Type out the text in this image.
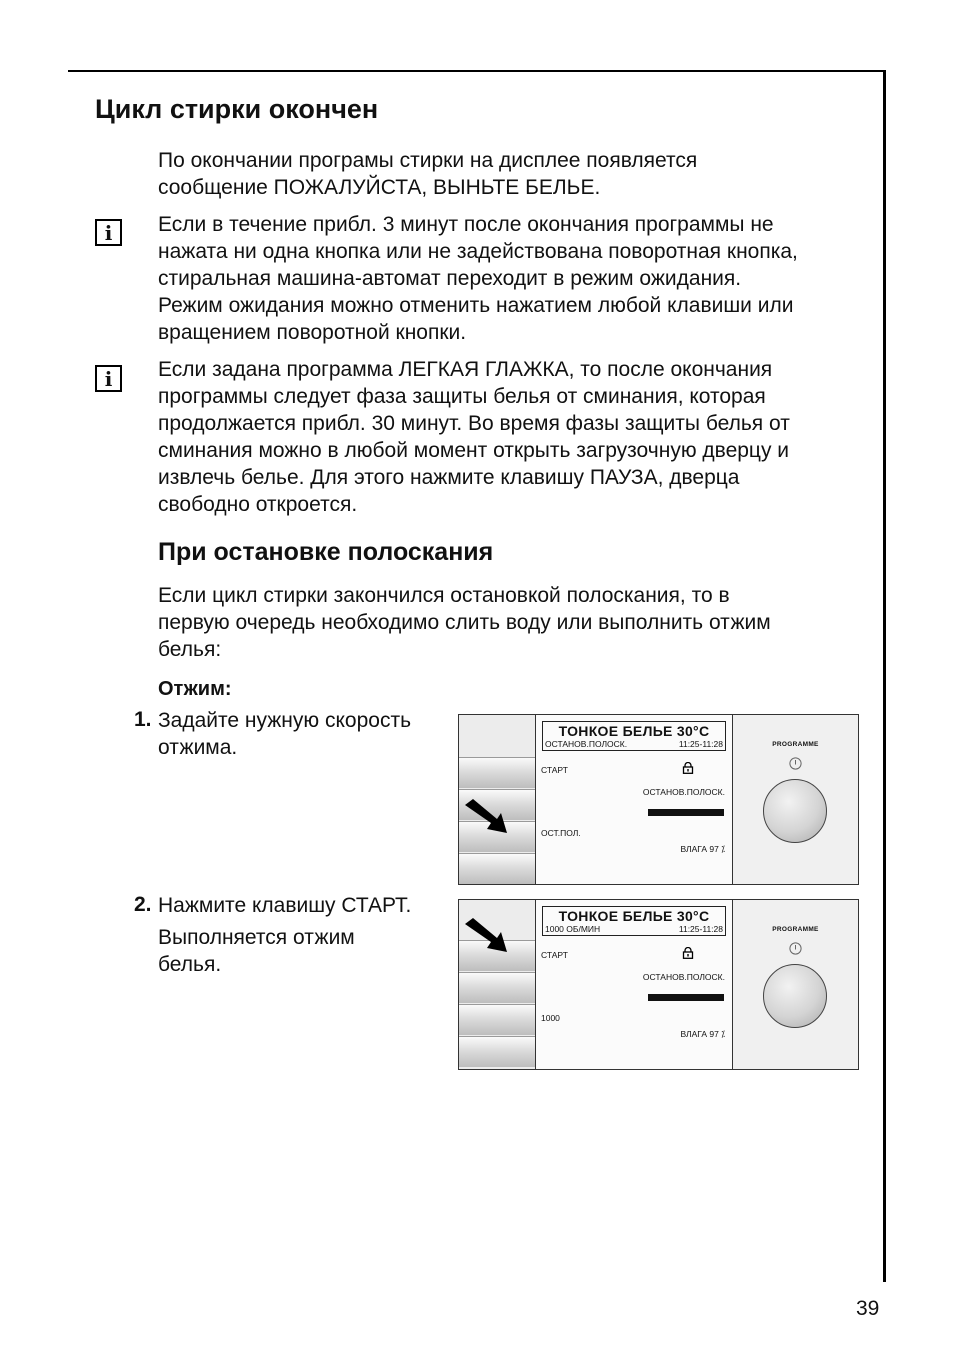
Цикл стирки окончен

По окончании програмы стирки на дисплее появляется
сообщение ПОЖАЛУЙСТА, ВЫНЬТЕ БЕЛЬЕ.

i	Если в течение прибл. 3 минут после окончания программы не
нажата ни одна кнопка или не задействована поворотная кнопка,
стиральная машина-автомат переходит в режим ожидания.
Режим ожидания можно отменить нажатием любой клавиши или
вращением поворотной кнопки.

i	Если задана программа ЛЕГКАЯ ГЛАЖКА, то после окончания
программы следует фаза защиты белья от сминания, которая
продолжается прибл. 30 минут. Во время фазы защиты белья от
сминания можно в любой момент открыть загрузочную дверцу и
извлечь белье. Для этого нажмите клавишу ПАУЗА, дверца
свободно откроется.

При остановке полоскания

Если цикл стирки закончился остановкой полоскания, то в
первую очередь необходимо слить воду или выполнить отжим
белья:

Отжим:
1. Задайте нужную скорость
отжима.

2. Нажмите клавишу СТАРТ.

Выполняется отжим
белья.

ТОНКОЕ БЕЛЬЕ 30°C
ОСТАНОВ.ПОЛОСК.	11:25-11:28
СТАРТ
ОСТАНОВ.ПОЛОСК.
ОСТ.ПОЛ.
ВЛАГА 97 ⁒
PROGRAMME
ТОНКОЕ БЕЛЬЕ 30°C
1000 ОБ/МИН	11:25-11:28
СТАРТ
ОСТАНОВ.ПОЛОСК.
1000
ВЛАГА 97 ⁒
PROGRAMME
39
